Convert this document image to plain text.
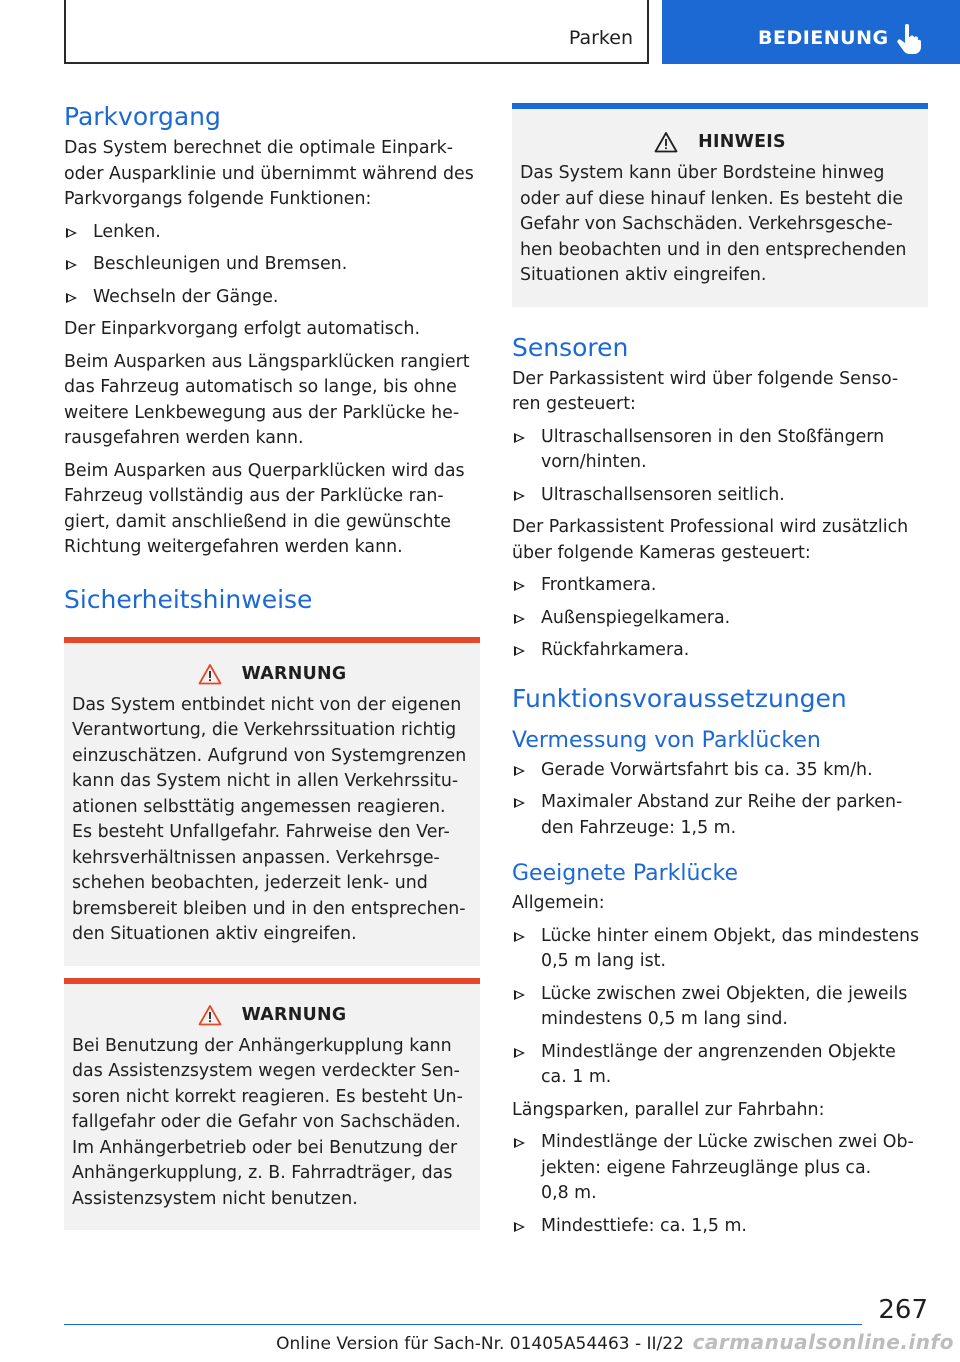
Parken	BEDIENUNG
Parkvorgang

Das System berechnet die optimale Einpark-
oder Ausparklinie und übernimmt während des
Parkvorgangs folgende Funktionen:

Lenken.
Beschleunigen und Bremsen.
Wechseln der Gänge.

Der Einparkvorgang erfolgt automatisch.

Beim Ausparken aus Längsparklücken rangiert
das Fahrzeug automatisch so lange, bis ohne
weitere Lenkbewegung aus der Parklücke he-
rausgefahren werden kann.

Beim Ausparken aus Querparklücken wird das
Fahrzeug vollständig aus der Parklücke ran-
giert, damit anschließend in die gewünschte
Richtung weitergefahren werden kann.

Sicherheitshinweise
WARNUNG

Das System entbindet nicht von der eigenen
Verantwortung, die Verkehrssituation richtig
einzuschätzen. Aufgrund von Systemgrenzen
kann das System nicht in allen Verkehrssitu-
ationen selbsttätig angemessen reagieren.
Es besteht Unfallgefahr. Fahrweise den Ver-
kehrsverhältnissen anpassen. Verkehrsge-
schehen beobachten, jederzeit lenk- und
bremsbereit bleiben und in den entsprechen-
den Situationen aktiv eingreifen.

WARNUNG

Bei Benutzung der Anhängerkupplung kann
das Assistenzsystem wegen verdeckter Sen-
soren nicht korrekt reagieren. Es besteht Un-
fallgefahr oder die Gefahr von Sachschäden.
Im Anhängerbetrieb oder bei Benutzung der
Anhängerkupplung, z. B. Fahrradträger, das
Assistenzsystem nicht benutzen.

HINWEIS

Das System kann über Bordsteine hinweg
oder auf diese hinauf lenken. Es besteht die
Gefahr von Sachschäden. Verkehrsgesche-
hen beobachten und in den entsprechenden
Situationen aktiv eingreifen.

Sensoren

Der Parkassistent wird über folgende Senso-
ren gesteuert:

Ultraschallsensoren in den Stoßfängern
vorn/hinten.
Ultraschallsensoren seitlich.

Der Parkassistent Professional wird zusätzlich
über folgende Kameras gesteuert:

Frontkamera.
Außenspiegelkamera.
Rückfahrkamera.
Funktionsvoraussetzungen
Vermessung von Parklücken
Gerade Vorwärtsfahrt bis ca. 35 km/h.
Maximaler Abstand zur Reihe der parken-
den Fahrzeuge: 1,5 m.
Geeignete Parklücke

Allgemein:

Lücke hinter einem Objekt, das mindestens
0,5 m lang ist.
Lücke zwischen zwei Objekten, die jeweils
mindestens 0,5 m lang sind.
Mindestlänge der angrenzenden Objekte
ca. 1 m.

Längsparken, parallel zur Fahrbahn:

Mindestlänge der Lücke zwischen zwei Ob-
jekten: eigene Fahrzeuglänge plus ca.
0,8 m.
Mindesttiefe: ca. 1,5 m.
267
Online Version für Sach-Nr. 01405A54463 - II/22 carmanualsonline.info
